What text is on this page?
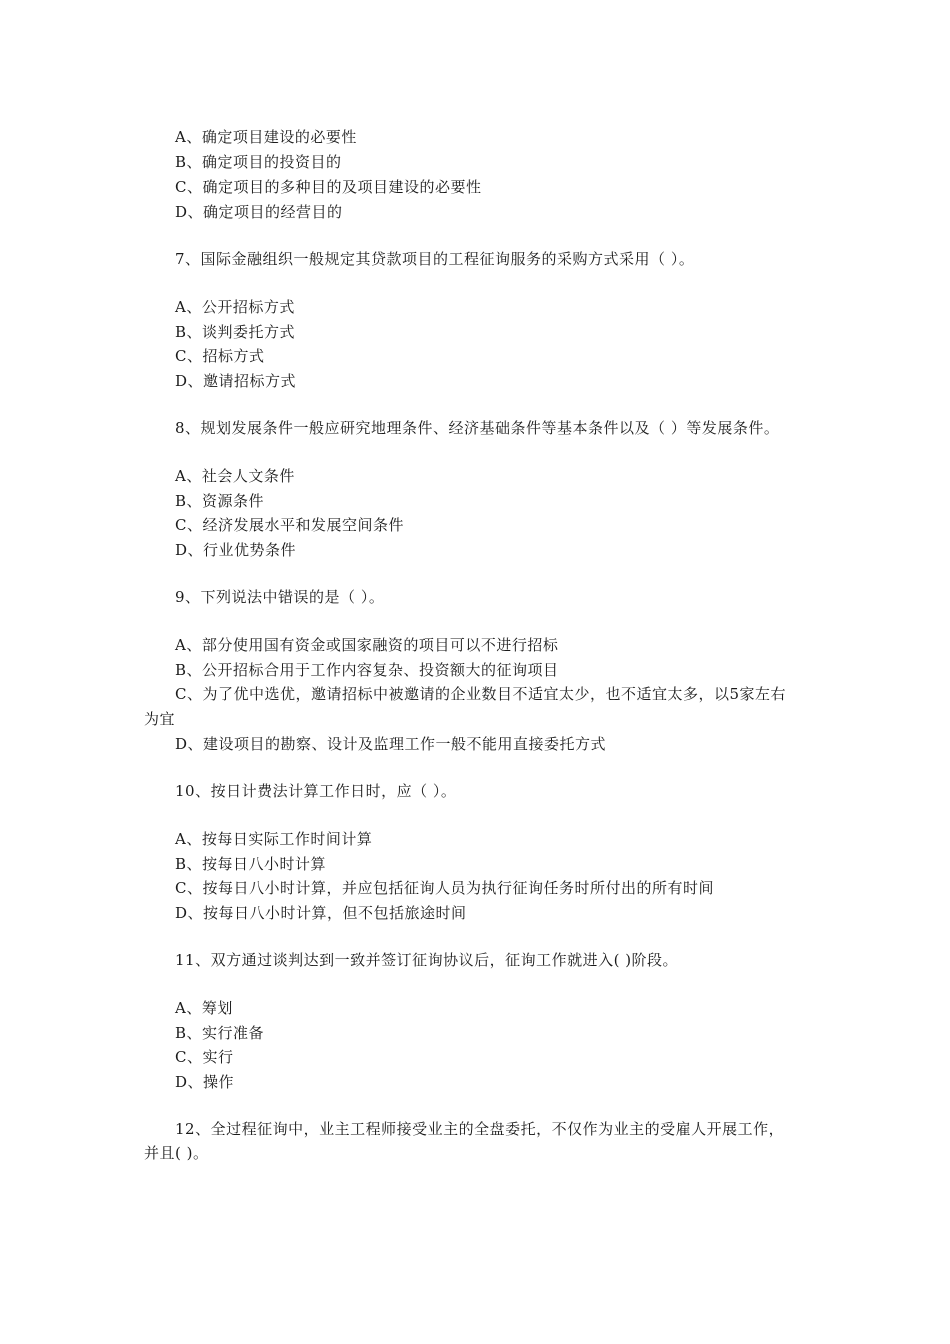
A、确定项目建设的必要性
B、确定项目的投资目的
C、确定项目的多种目的及项目建设的必要性
D、确定项目的经营目的
7、国际金融组织一般规定其贷款项目的工程征询服务的采购方式采用（ ）。
A、公开招标方式
B、谈判委托方式
C、招标方式
D、邀请招标方式
8、规划发展条件一般应研究地理条件、经济基础条件等基本条件以及（ ）等发展条件。
A、社会人文条件
B、资源条件
C、经济发展水平和发展空间条件
D、行业优势条件
9、下列说法中错误的是（ ）。
A、部分使用国有资金或国家融资的项目可以不进行招标
B、公开招标合用于工作内容复杂、投资额大的征询项目
C、为了优中选优，邀请招标中被邀请的企业数目不适宜太少，也不适宜太多，以5家左右
为宜
D、建设项目的勘察、设计及监理工作一般不能用直接委托方式
10、按日计费法计算工作日时，应（ ）。
A、按每日实际工作时间计算
B、按每日八小时计算
C、按每日八小时计算，并应包括征询人员为执行征询任务时所付出的所有时间
D、按每日八小时计算，但不包括旅途时间
11、双方通过谈判达到一致并签订征询协议后，征询工作就进入( )阶段。
A、筹划
B、实行准备
C、实行
D、操作
12、全过程征询中，业主工程师接受业主的全盘委托，不仅作为业主的受雇人开展工作，
并且( )。
